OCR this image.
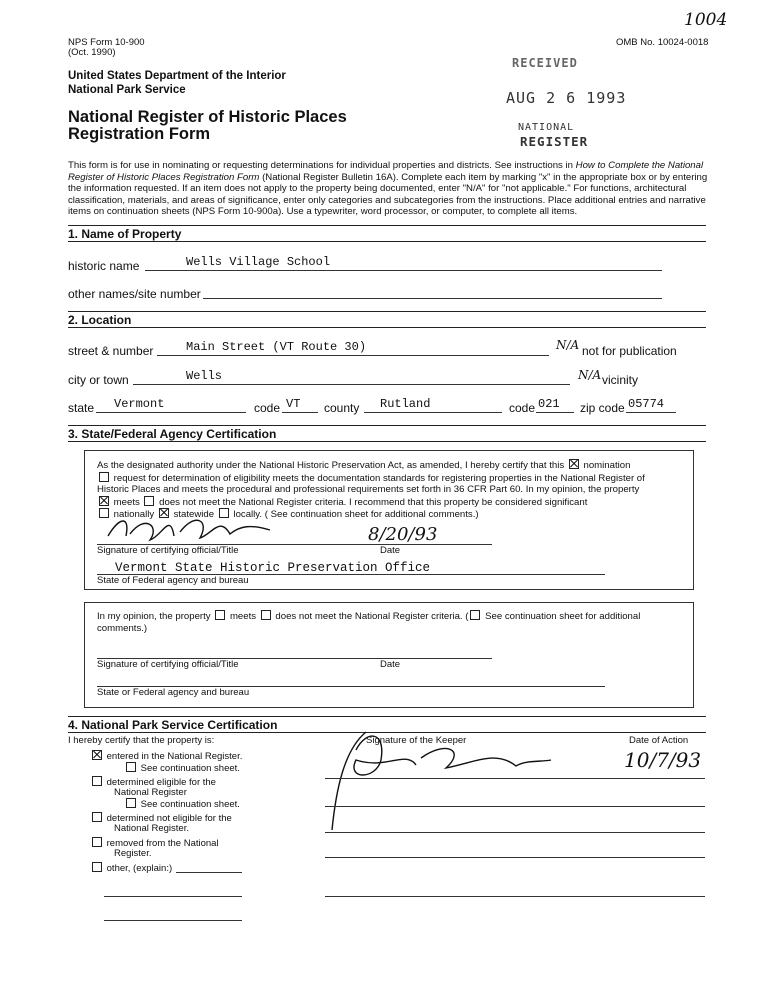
NPS Form 10-900
(Oct. 1990)
OMB No. 10024-0018
1004
United States Department of the Interior
National Park Service
National Register of Historic Places
Registration Form
RECEIVED
AUG 2 6 1993
NATIONAL
REGISTER
This form is for use in nominating or requesting determinations for individual properties and districts. See instructions in How to Complete the National Register of Historic Places Registration Form (National Register Bulletin 16A). Complete each item by marking "x" in the appropriate box or by entering the information requested. If an item does not apply to the property being documented, enter "N/A" for "not applicable." For functions, architectural classification, materials, and areas of significance, enter only categories and subcategories from the instructions. Place additional entries and narrative items on continuation sheets (NPS Form 10-900a). Use a typewriter, word processor, or computer, to complete all items.
1. Name of Property
historic name	Wells Village School
other names/site number
2. Location
street & number	Main Street (VT Route 30)	N/A not for publication
city or town	Wells	N/A vicinity
state Vermont	code VT county Rutland	code 021 zip code 05774
3. State/Federal Agency Certification
As the designated authority under the National Historic Preservation Act, as amended, I hereby certify that this nomination
request for determination of eligibility meets the documentation standards for registering properties in the National Register of
Historic Places and meets the procedural and professional requirements set forth in 36 CFR Part 60. In my opinion, the property
meets does not meet the National Register criteria. I recommend that this property be considered significant
nationally statewide locally. ( See continuation sheet for additional comments.)
8/20/93
Signature of certifying official/Title	Date
Vermont State Historic Preservation Office
State of Federal agency and bureau
In my opinion, the property meets does not meet the National Register criteria. ( See continuation sheet for additional
comments.)
Signature of certifying official/Title	Date
State or Federal agency and bureau
4. National Park Service Certification
I hereby certify that the property is:
entered in the National Register.
See continuation sheet.
determined eligible for the
National Register
See continuation sheet.
determined not eligible for the
National Register.
removed from the National
Register.
other, (explain:)
Signature of the Keeper	Date of Action
10/7/93
